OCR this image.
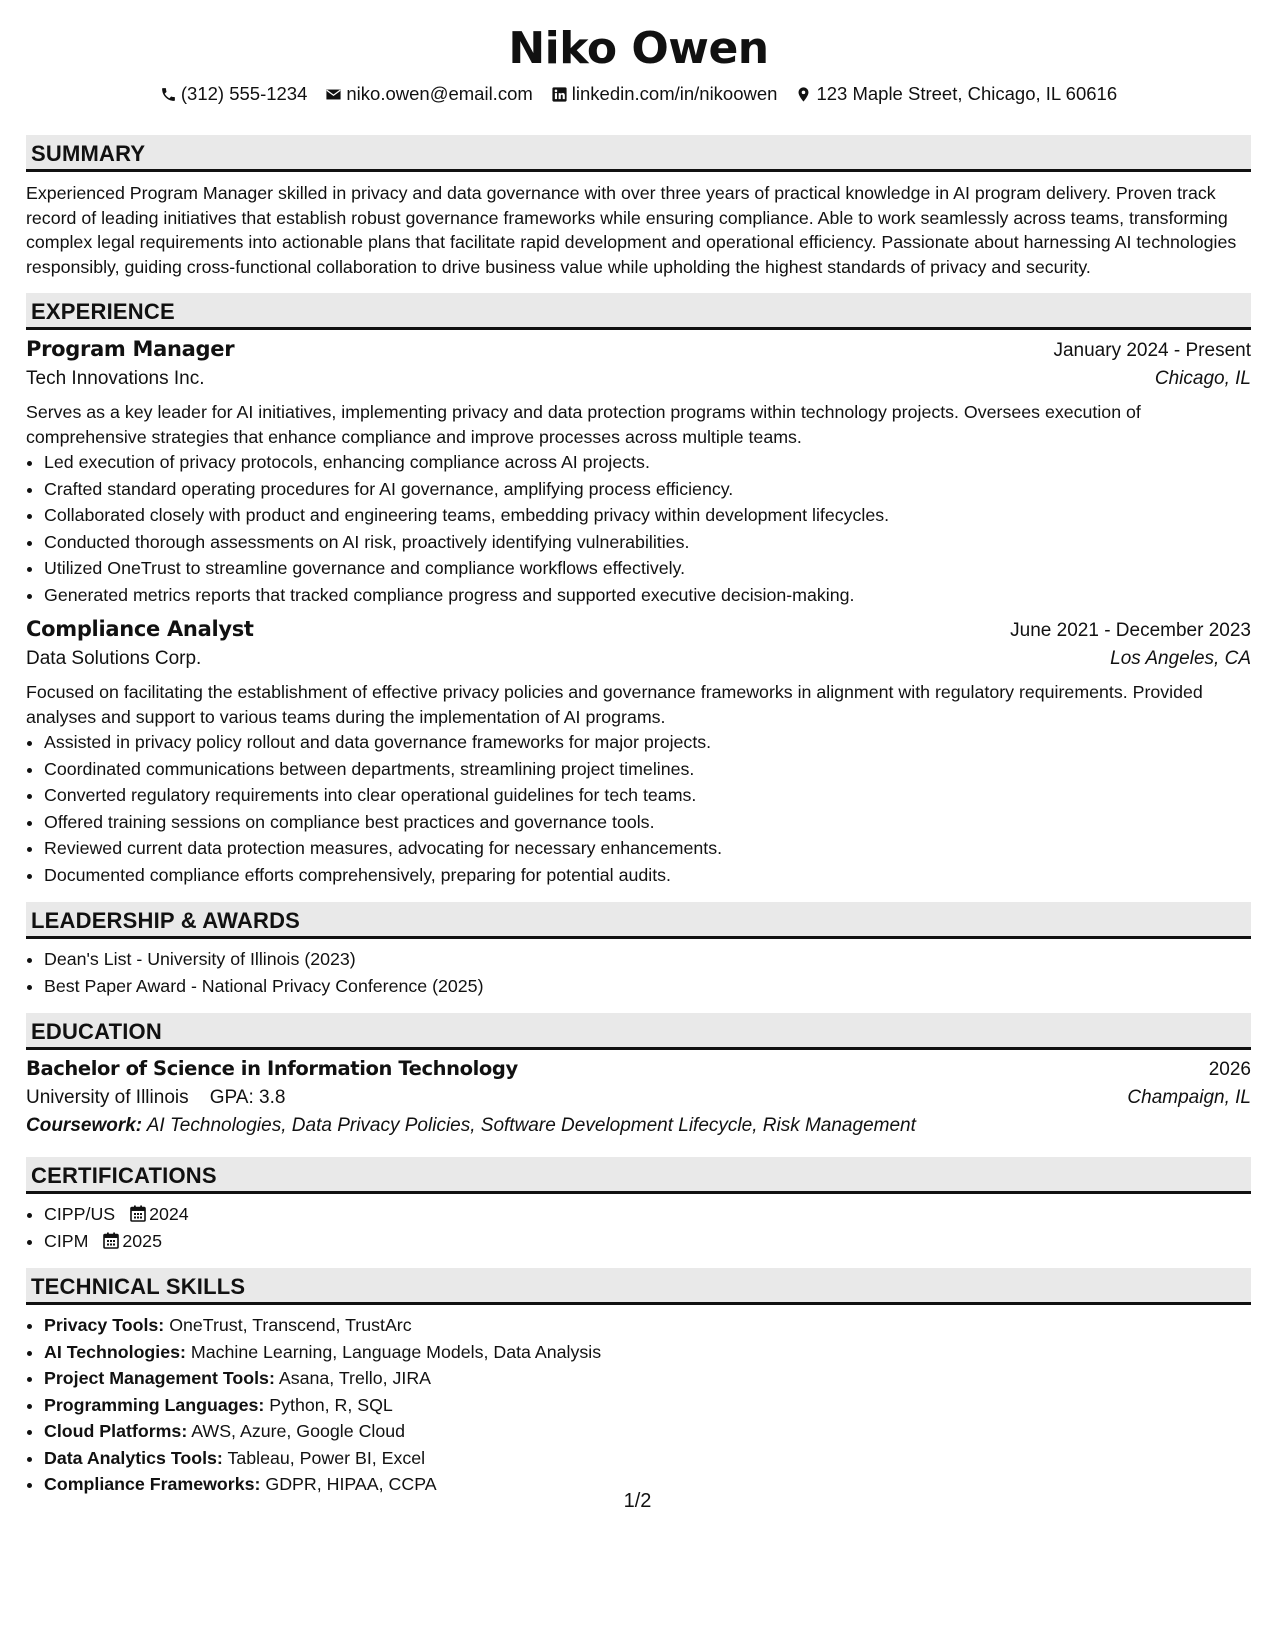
Niko Owen
(312) 555-1234 niko.owen@email.com linkedin.com/in/nikoowen 123 Maple Street, Chicago, IL 60616
SUMMARY

Experienced Program Manager skilled in privacy and data governance with over three years of practical knowledge in AI program delivery. Proven track record of leading initiatives that establish robust governance frameworks while ensuring compliance. Able to work seamlessly across teams, transforming complex legal requirements into actionable plans that facilitate rapid development and operational efficiency. Passionate about harnessing AI technologies responsibly, guiding cross-functional collaboration to drive business value while upholding the highest standards of privacy and security.

EXPERIENCE
Program Manager	January 2024 - Present
Tech Innovations Inc.	Chicago, IL

Serves as a key leader for AI initiatives, implementing privacy and data protection programs within technology projects. Oversees execution of comprehensive strategies that enhance compliance and improve processes across multiple teams.

• Led execution of privacy protocols, enhancing compliance across AI projects.
• Crafted standard operating procedures for AI governance, amplifying process efficiency.
• Collaborated closely with product and engineering teams, embedding privacy within development lifecycles.
• Conducted thorough assessments on AI risk, proactively identifying vulnerabilities.
• Utilized OneTrust to streamline governance and compliance workflows effectively.
• Generated metrics reports that tracked compliance progress and supported executive decision-making.
Compliance Analyst	June 2021 - December 2023
Data Solutions Corp.	Los Angeles, CA

Focused on facilitating the establishment of effective privacy policies and governance frameworks in alignment with regulatory requirements. Provided analyses and support to various teams during the implementation of AI programs.

• Assisted in privacy policy rollout and data governance frameworks for major projects.
• Coordinated communications between departments, streamlining project timelines.
• Converted regulatory requirements into clear operational guidelines for tech teams.
• Offered training sessions on compliance best practices and governance tools.
• Reviewed current data protection measures, advocating for necessary enhancements.
• Documented compliance efforts comprehensively, preparing for potential audits.
LEADERSHIP & AWARDS
• Dean's List - University of Illinois (2023)
• Best Paper Award - National Privacy Conference (2025)
EDUCATION
Bachelor of Science in Information Technology	2026
University of Illinois GPA: 3.8	Champaign, IL
Coursework: AI Technologies, Data Privacy Policies, Software Development Lifecycle, Risk Management
CERTIFICATIONS
• CIPP/US 2024
• CIPM 2025
TECHNICAL SKILLS
• Privacy Tools: OneTrust, Transcend, TrustArc
• AI Technologies: Machine Learning, Language Models, Data Analysis
• Project Management Tools: Asana, Trello, JIRA
• Programming Languages: Python, R, SQL
• Cloud Platforms: AWS, Azure, Google Cloud
• Data Analytics Tools: Tableau, Power BI, Excel
• Compliance Frameworks: GDPR, HIPAA, CCPA
1/2
